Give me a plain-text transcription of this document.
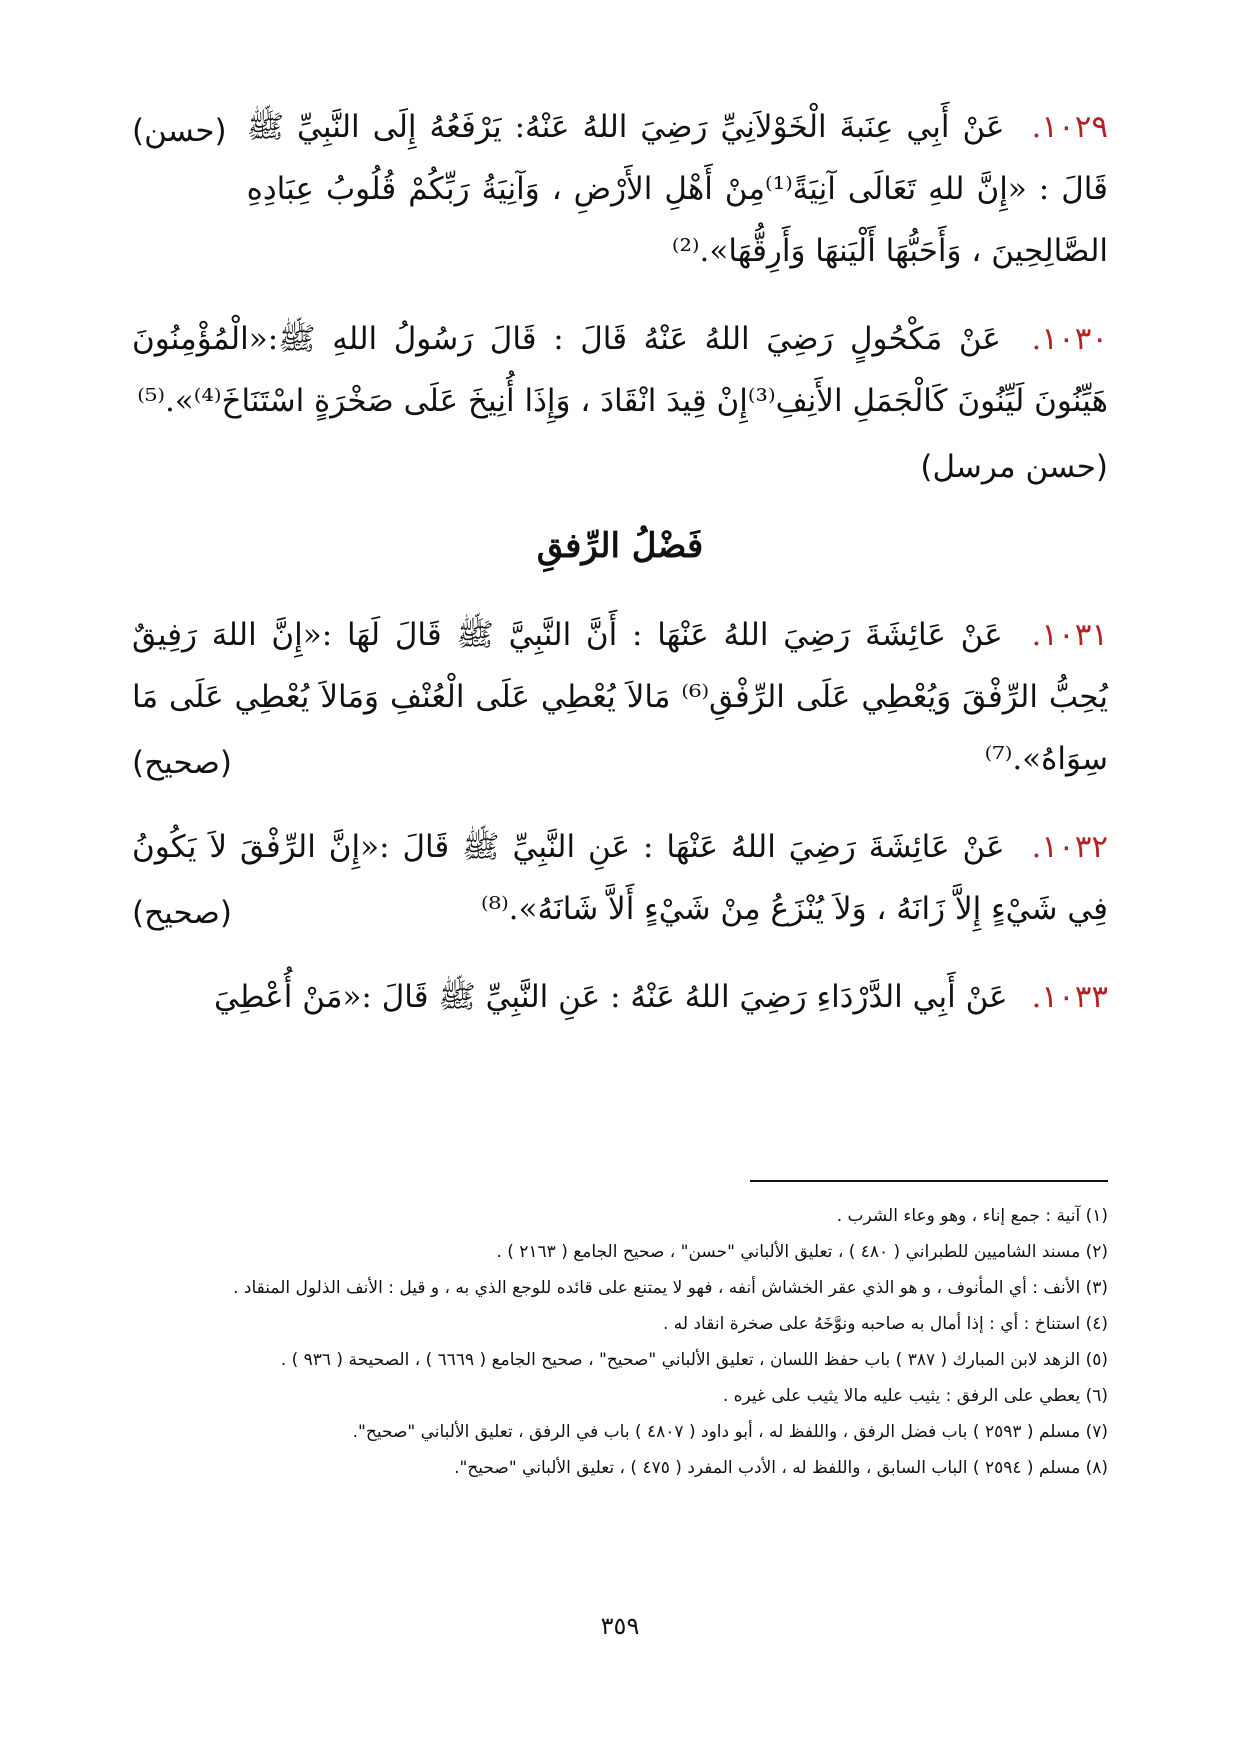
(حسن)	١٠٢٩. عَنْ أَبِي عِنَبةَ الْخَوْلاَنِيِّ رَضِيَ اللهُ عَنْهُ: يَرْفَعُهُ إِلَى النَّبِيِّ ﷺ قَالَ : «إِنَّ للهِ تَعَالَى آنِيَةً⁽¹⁾مِنْ أَهْلِ الأَرْضِ ، وَآنِيَةُ رَبِّكُمْ قُلُوبُ عِبَادِهِ الصَّالِحِينَ ، وَأَحَبُّهَا أَلْيَنهَا وَأَرِقُّهَا».⁽²⁾

١٠٣٠. عَنْ مَكْحُولٍ رَضِيَ اللهُ عَنْهُ قَالَ : قَالَ رَسُولُ اللهِ ﷺ:«الْمُؤْمِنُونَ هَيِّنُونَ لَيِّنُونَ كَالْجَمَلِ الأَنِفِ⁽³⁾إِنْ قِيدَ انْقَادَ ، وَإِذَا أُنِيخَ عَلَى صَخْرَةٍ اسْتَنَاخَ⁽⁴⁾».⁽⁵⁾
(حسن مرسل)

فَضْلُ الرِّفقِ

١٠٣١. عَنْ عَائِشَةَ رَضِيَ اللهُ عَنْهَا : أَنَّ النَّبِيَّ ﷺ قَالَ لَهَا :«إِنَّ اللهَ رَفِيقٌ يُحِبُّ الرِّفْقَ وَيُعْطِي عَلَى الرِّفْقِ⁽⁶⁾ مَالاَ يُعْطِي عَلَى الْعُنْفِ وَمَالاَ يُعْطِي عَلَى مَا سِوَاهُ».⁽⁷⁾
(صحيح)

١٠٣٢. عَنْ عَائِشَةَ رَضِيَ اللهُ عَنْهَا : عَنِ النَّبِيِّ ﷺ قَالَ :«إِنَّ الرِّفْقَ لاَ يَكُونُ فِي شَيْءٍ إِلاَّ زَانَهُ ، وَلاَ يُنْزَعُ مِنْ شَيْءٍ أَلاَّ شَانَهُ».⁽⁸⁾
(صحيح)

١٠٣٣. عَنْ أَبِي الدَّرْدَاءِ رَضِيَ اللهُ عَنْهُ : عَنِ النَّبِيِّ ﷺ قَالَ :«مَنْ أُعْطِيَ

(١) آنية : جمع إناء ، وهو وعاء الشرب .

(٢) مسند الشاميين للطبراني ( ٤٨٠ ) ، تعليق الألباني "حسن" ، صحيح الجامع ( ٢١٦٣ ) .

(٣) الأنف : أي المأنوف ، و هو الذي عقر الخشاش أنفه ، فهو لا يمتنع على قائده للوجع الذي به ، و قيل : الأنف الذلول المنقاد .

(٤) استناخ : أي : إذا أمال به صاحبه ونوَّخَهُ على صخرة انقاد له .

(٥) الزهد لابن المبارك ( ٣٨٧ ) باب حفظ اللسان ، تعليق الألباني "صحيح" ، صحيح الجامع ( ٦٦٦٩ ) ، الصحيحة ( ٩٣٦ ) .

(٦) يعطي على الرفق : يثيب عليه مالا يثيب على غيره .

(٧) مسلم ( ٢٥٩٣ ) باب فضل الرفق ، واللفظ له ، أبو داود ( ٤٨٠٧ ) باب في الرفق ، تعليق الألباني "صحيح".

(٨) مسلم ( ٢٥٩٤ ) الباب السابق ، واللفظ له ، الأدب المفرد ( ٤٧٥ ) ، تعليق الألباني "صحيح".

٣٥٩
